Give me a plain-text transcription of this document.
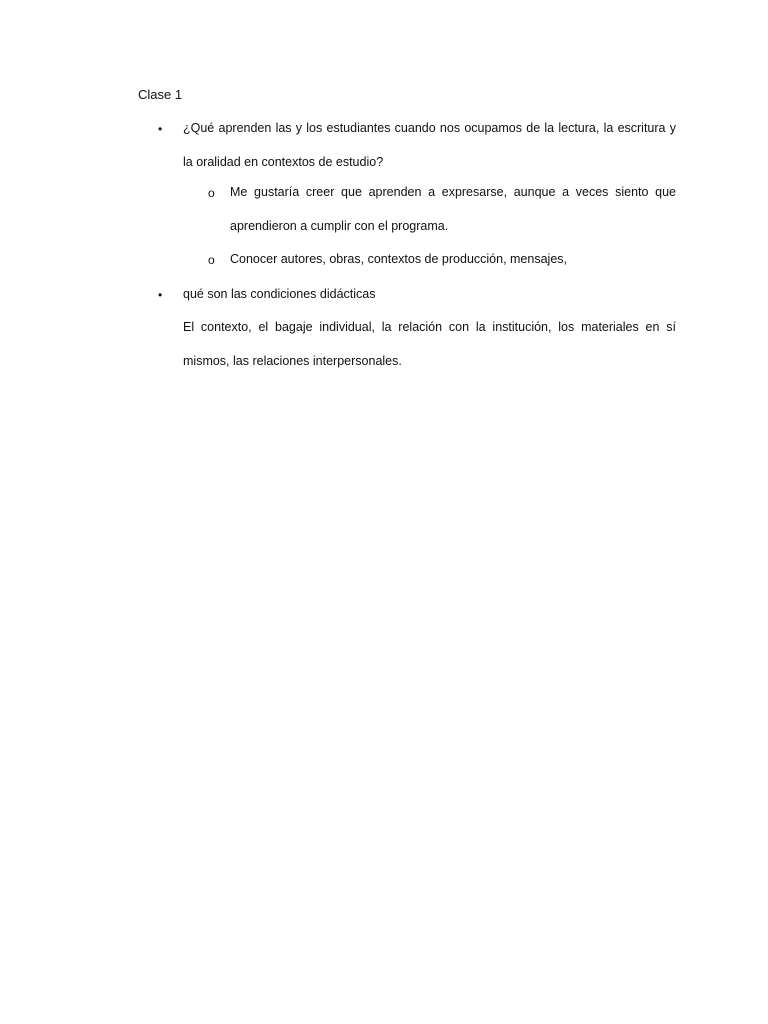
Clase 1
• ¿Qué aprenden las y los estudiantes cuando nos ocupamos de la lectura, la escritura y la oralidad en contextos de estudio?
o Me gustaría creer que aprenden a expresarse, aunque a veces siento que aprendieron a cumplir con el programa.
o Conocer autores, obras, contextos de producción, mensajes,
• qué son las condiciones didácticas
El contexto, el bagaje individual, la relación con la institución, los materiales en sí mismos, las relaciones interpersonales.
